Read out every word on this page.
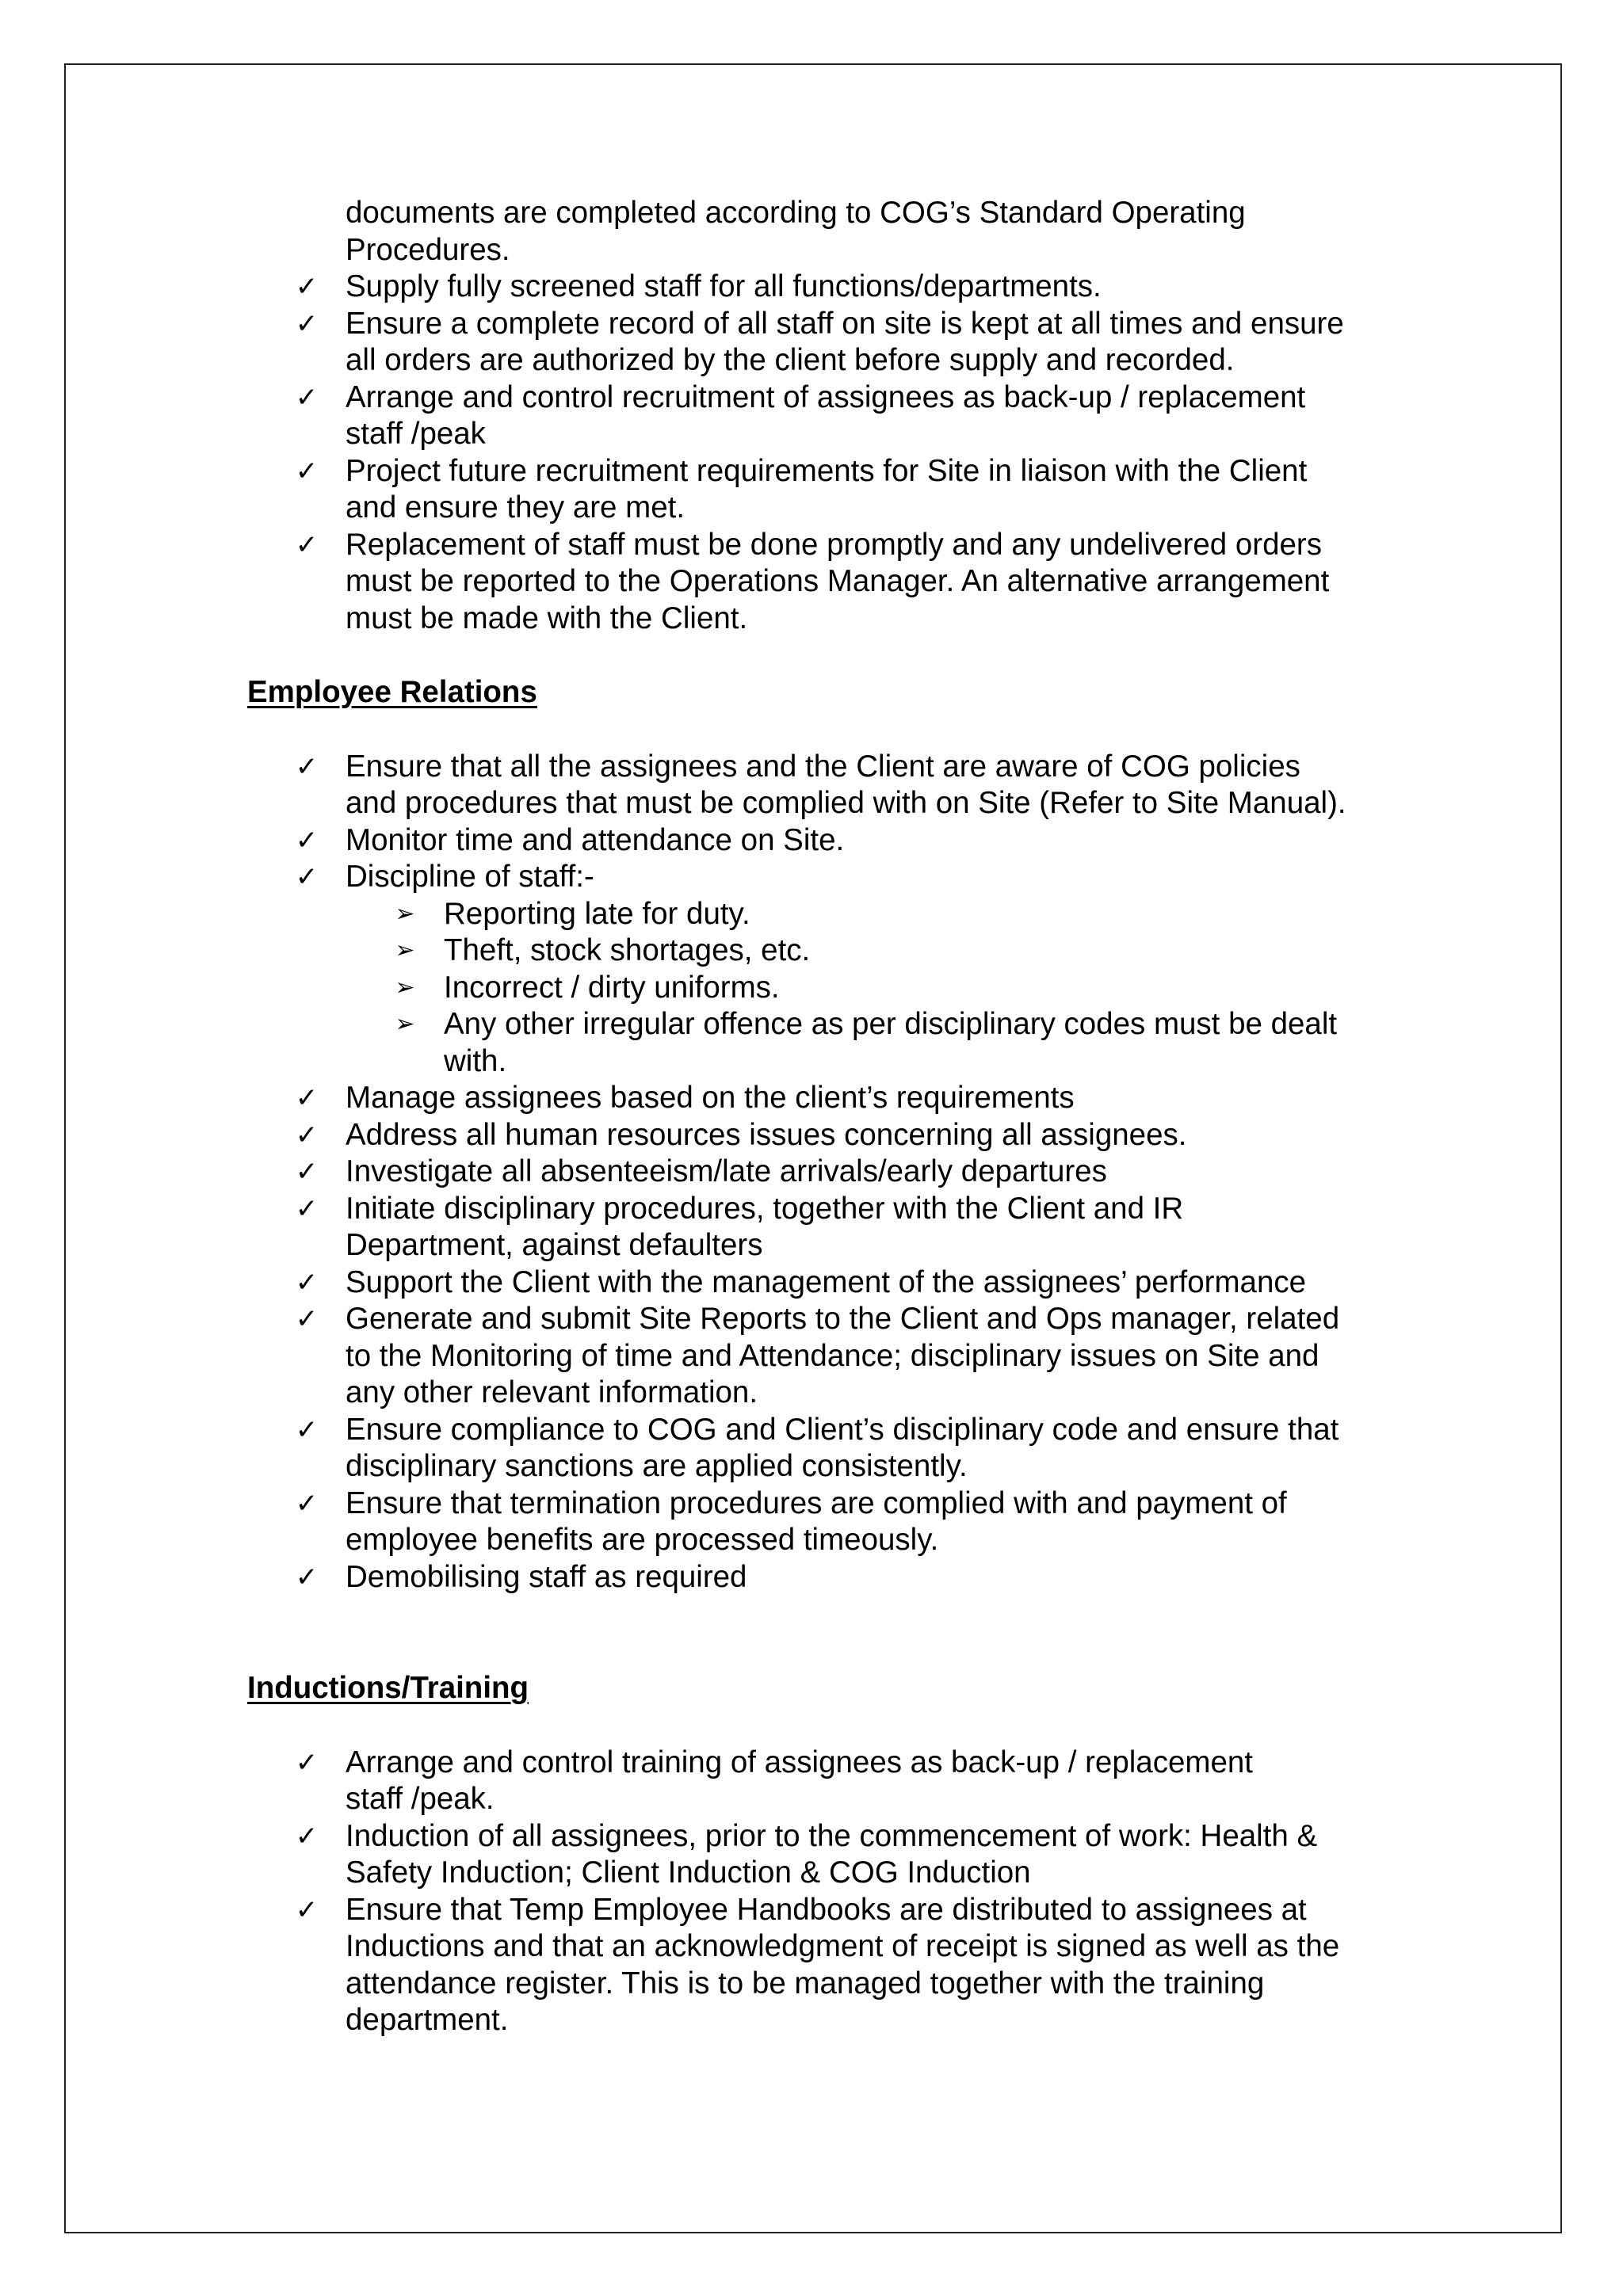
documents are completed according to COG’s Standard Operating
Procedures.
✓ Supply fully screened staff for all functions/departments.
✓ Ensure a complete record of all staff on site is kept at all times and ensure
all orders are authorized by the client before supply and recorded.
✓ Arrange and control recruitment of assignees as back-up / replacement
staff /peak
✓ Project future recruitment requirements for Site in liaison with the Client
and ensure they are met.
✓ Replacement of staff must be done promptly and any undelivered orders
must be reported to the Operations Manager. An alternative arrangement
must be made with the Client.
Employee Relations
✓ Ensure that all the assignees and the Client are aware of COG policies
and procedures that must be complied with on Site (Refer to Site Manual).
✓ Monitor time and attendance on Site.
✓ Discipline of staff:-
➢ Reporting late for duty.
➢ Theft, stock shortages, etc.
➢ Incorrect / dirty uniforms.
➢ Any other irregular offence as per disciplinary codes must be dealt
with.
✓ Manage assignees based on the client’s requirements
✓ Address all human resources issues concerning all assignees.
✓ Investigate all absenteeism/late arrivals/early departures
✓ Initiate disciplinary procedures, together with the Client and IR
Department, against defaulters
✓ Support the Client with the management of the assignees’ performance
✓ Generate and submit Site Reports to the Client and Ops manager, related
to the Monitoring of time and Attendance; disciplinary issues on Site and
any other relevant information.
✓ Ensure compliance to COG and Client’s disciplinary code and ensure that
disciplinary sanctions are applied consistently.
✓ Ensure that termination procedures are complied with and payment of
employee benefits are processed timeously.
✓ Demobilising staff as required
Inductions/Training
✓ Arrange and control training of assignees as back-up / replacement
staff /peak.
✓ Induction of all assignees, prior to the commencement of work: Health &
Safety Induction; Client Induction & COG Induction
✓ Ensure that Temp Employee Handbooks are distributed to assignees at
Inductions and that an acknowledgment of receipt is signed as well as the
attendance register. This is to be managed together with the training
department.
